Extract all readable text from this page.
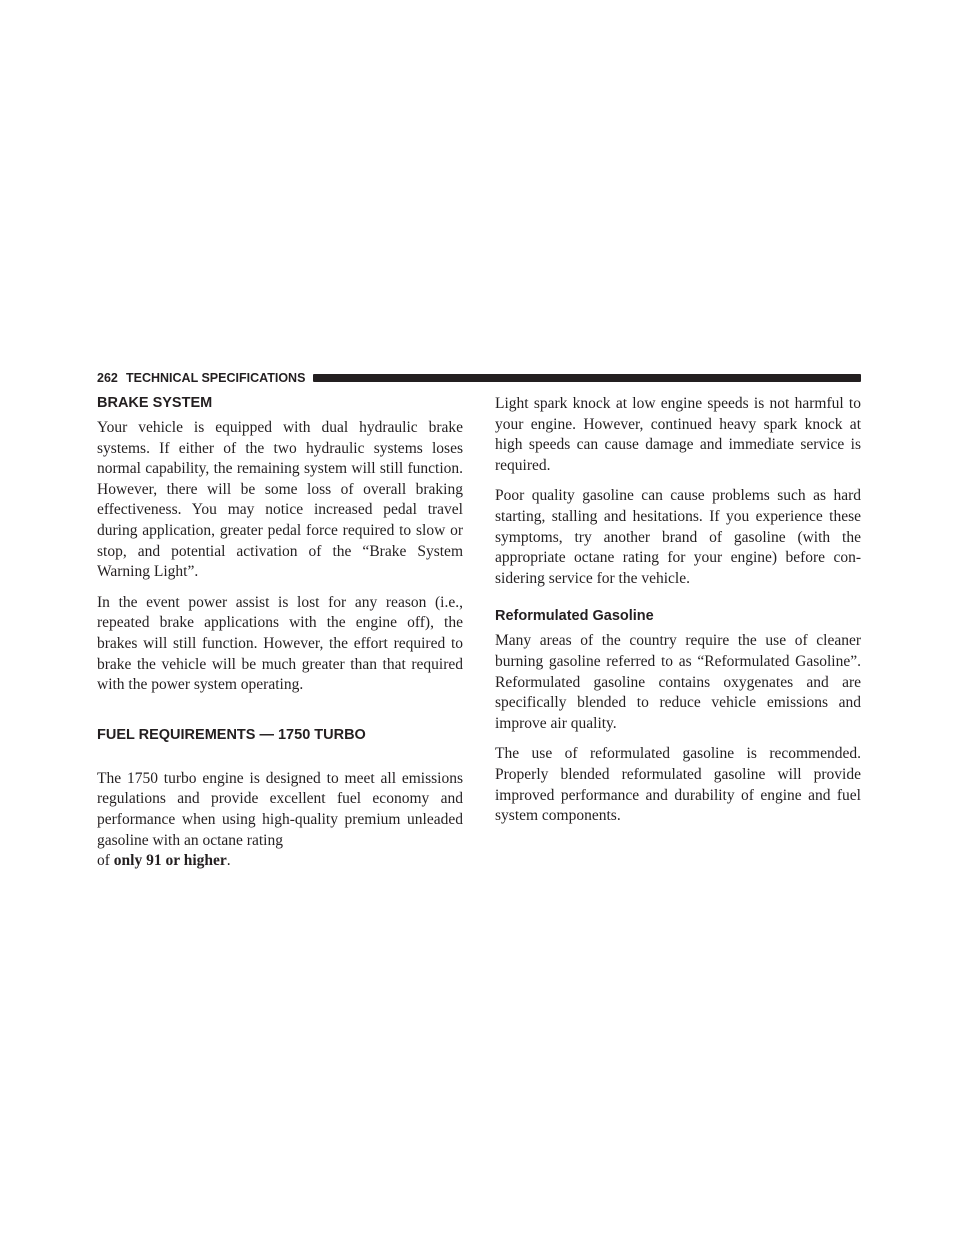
262 TECHNICAL SPECIFICATIONS
BRAKE SYSTEM

Your vehicle is equipped with dual hydraulic brake systems. If either of the two hydraulic systems loses normal capability, the remaining system will still function. However, there will be some loss of overall braking effectiveness. You may notice increased pedal travel during application, greater pedal force required to slow or stop, and potential activation of the “Brake System Warning Light”.

In the event power assist is lost for any reason (i.e., repeated brake applications with the engine off), the brakes will still function. However, the effort required to brake the vehicle will be much greater than that required with the power system operating.

FUEL REQUIREMENTS — 1750 TURBO

The 1750 turbo engine is designed to meet all emissions regulations and provide excellent fuel economy and performance when using high-quality premium unleaded gasoline with an octane rating

of only 91 or higher.

Light spark knock at low engine speeds is not harmful to your engine. However, continued heavy spark knock at high speeds can cause damage and immediate service is required.

Poor quality gasoline can cause problems such as hard starting, stalling and hesitations. If you experience these symptoms, try another brand of gasoline (with the appropriate octane rating for your engine) before considering service for the vehicle.

Reformulated Gasoline

Many areas of the country require the use of cleaner burning gasoline referred to as “Reformulated Gasoline”. Reformulated gasoline contains oxygenates and are specifically blended to reduce vehicle emissions and improve air quality.

The use of reformulated gasoline is recommended. Properly blended reformulated gasoline will provide improved performance and durability of engine and fuel system components.
